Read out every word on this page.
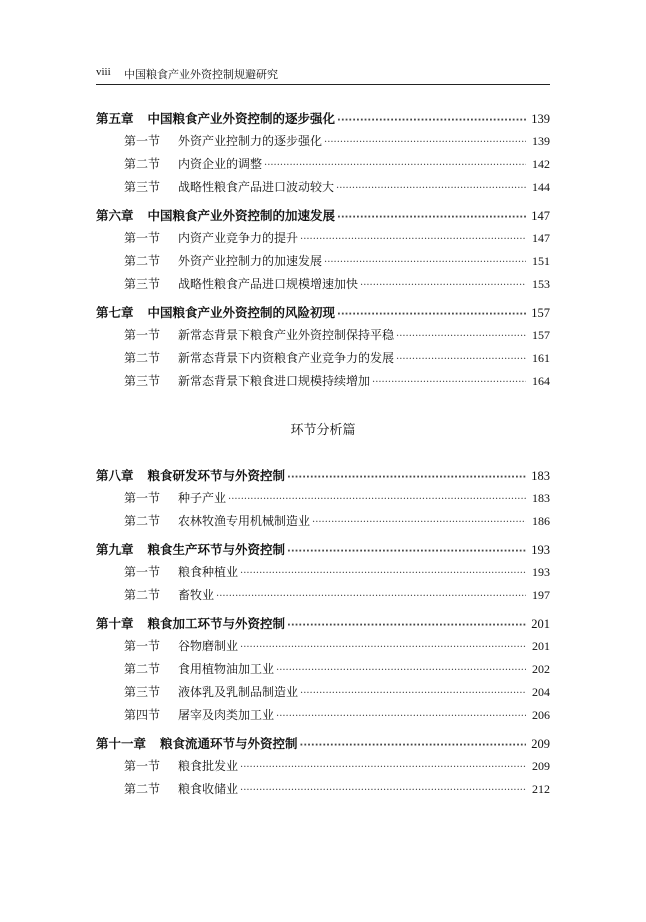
viii 中国粮食产业外资控制规避研究
第五章 中国粮食产业外资控制的逐步强化 ·····	139
第一节	外资产业控制力的逐步强化 ·····	139
第二节	内资企业的调整 ·····	142
第三节	战略性粮食产品进口波动较大 ·····	144
第六章 中国粮食产业外资控制的加速发展 ·····	147
第一节	内资产业竞争力的提升 ·····	147
第二节	外资产业控制力的加速发展 ·····	151
第三节	战略性粮食产品进口规模增速加快 ·····	153
第七章 中国粮食产业外资控制的风险初现 ·····	157
第一节	新常态背景下粮食产业外资控制保持平稳 ·····	157
第二节	新常态背景下内资粮食产业竞争力的发展 ·····	161
第三节	新常态背景下粮食进口规模持续增加 ·····	164
环节分析篇
第八章 粮食研发环节与外资控制 ·····	183
第一节	种子产业 ·····	183
第二节	农林牧渔专用机械制造业 ·····	186
第九章 粮食生产环节与外资控制 ·····	193
第一节	粮食种植业 ·····	193
第二节	畜牧业 ·····	197
第十章 粮食加工环节与外资控制 ·····	201
第一节	谷物磨制业 ·····	201
第二节	食用植物油加工业 ·····	202
第三节	液体乳及乳制品制造业 ·····	204
第四节	屠宰及肉类加工业 ·····	206
第十一章 粮食流通环节与外资控制 ·····	209
第一节	粮食批发业 ·····	209
第二节	粮食收储业 ·····	212
